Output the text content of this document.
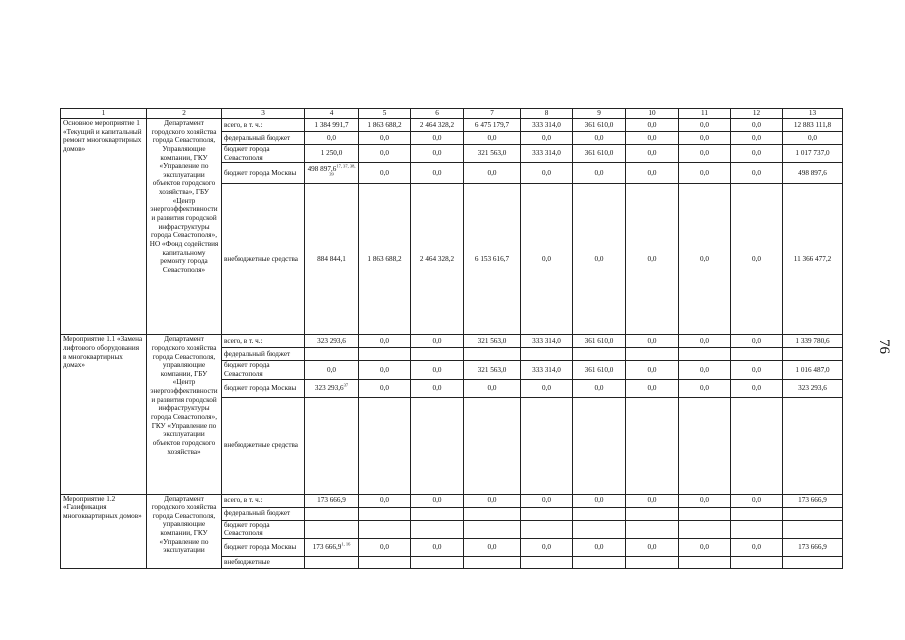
76
1	2	3	4	5	6	7	8	9	10	11	12	13
Основное мероприятие 1 «Текущий и капитальный ремонт многоквартирных домов»	Департамент городского хозяйства города Севастополя, Управляющие компании, ГКУ «Управление по эксплуатации объектов городского хозяйства», ГБУ «Центр энергоэффективности и развития городской инфраструктуры города Севастополя», НО «Фонд содействия капитальному ремонту города Севастополя»	всего, в т. ч.:	1 384 991,7	1 863 688,2	2 464 328,2	6 475 179,7	333 314,0	361 610,0	0,0	0,0	0,0	12 883 111,8
		федеральный бюджет	0,0	0,0	0,0	0,0	0,0	0,0	0,0	0,0	0,0	0,0
		бюджет города Севастополя	1 250,0	0,0	0,0	321 563,0	333 314,0	361 610,0	0,0	0,0	0,0	1 017 737,0
		бюджет города Москвы	498 897,6$^{17, 37, 38, 39}$	0,0	0,0	0,0	0,0	0,0	0,0	0,0	0,0	498 897,6
		внебюджетные средства	884 844,1	1 863 688,2	2 464 328,2	6 153 616,7	0,0	0,0	0,0	0,0	0,0	11 366 477,2
Мероприятие 1.1 «Замена лифтового оборудования в многоквартирных домах»	Департамент городского хозяйства города Севастополя, управляющие компании, ГБУ «Центр энергоэффективности и развития городской инфраструктуры города Севастополя», ГКУ «Управление по эксплуатации объектов городского хозяйства»	всего, в т. ч.:	323 293,6	0,0	0,0	321 563,0	333 314,0	361 610,0	0,0	0,0	0,0	1 339 780,6
		федеральный бюджет										
		бюджет города Севастополя	0,0	0,0	0,0	321 563,0	333 314,0	361 610,0	0,0	0,0	0,0	1 016 487,0
		бюджет города Москвы	323 293,6$^{37}$	0,0	0,0	0,0	0,0	0,0	0,0	0,0	0,0	323 293,6
		внебюджетные средства										
Мероприятие 1.2 «Газификация многоквартирных домов»	Департамент городского хозяйства города Севастополя, управляющие компании, ГКУ «Управление по эксплуатации	всего, в т. ч.:	173 666,9	0,0	0,0	0,0	0,0	0,0	0,0	0,0	0,0	173 666,9
		федеральный бюджет										
		бюджет города Севастополя										
		бюджет города Москвы	173 666,9$^{1, 16}$	0,0	0,0	0,0	0,0	0,0	0,0	0,0	0,0	173 666,9
		внебюджетные										
